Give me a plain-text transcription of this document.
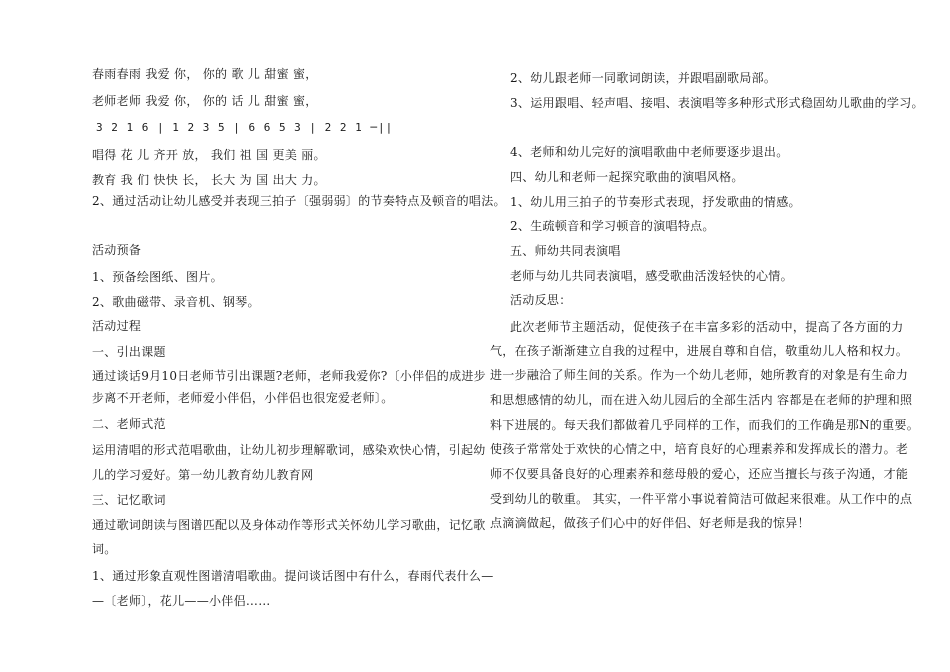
春雨春雨 我爱 你， 你的 歌 儿 甜蜜 蜜，
老师老师 我爱 你， 你的 话 儿 甜蜜 蜜，
3 2 1 6 | 1 2 3 5 | 6 6 5 3 | 2 2 1 ─||
唱得 花 儿 齐开 放， 我们 祖 国 更美 丽。
教育 我 们 快快 长， 长大 为 国 出大 力。
2、通过活动让幼儿感受并表现三拍子〔强弱弱〕的节奏特点及顿音的唱法。
活动预备
1、预备绘图纸、图片。
2、歌曲磁带、录音机、钢琴。
活动过程
一、引出课题
通过谈话9月10日老师节引出课题?老师，老师我爱你?〔小伴侣的成进步
步离不开老师，老师爱小伴侣，小伴侣也很宠爱老师〕。
二、老师式范
运用清唱的形式范唱歌曲，让幼儿初步理解歌词，感染欢快心情，引起幼
儿的学习爱好。第一幼儿教育幼儿教育网
三、记忆歌词
通过歌词朗读与图谱匹配以及身体动作等形式关怀幼儿学习歌曲，记忆歌
词。
1、通过形象直观性图谱清唱歌曲。提问谈话图中有什么，春雨代表什么—
—〔老师〕，花儿——小伴侣……
2、幼儿跟老师一同歌词朗读，并跟唱副歌局部。
3、运用跟唱、轻声唱、接唱、表演唱等多种形式形式稳固幼儿歌曲的学习。
4、老师和幼儿完好的演唱歌曲中老师要逐步退出。
四、幼儿和老师一起探究歌曲的演唱风格。
1、幼儿用三拍子的节奏形式表现，抒发歌曲的情感。
2、生疏顿音和学习顿音的演唱特点。
五、师幼共同表演唱
老师与幼儿共同表演唱，感受歌曲活泼轻快的心情。
活动反思：
此次老师节主题活动，促使孩子在丰富多彩的活动中，提高了各方面的力
气，在孩子渐渐建立自我的过程中，进展自尊和自信，敬重幼儿人格和权力。
进一步融洽了师生间的关系。作为一个幼儿老师，她所教育的对象是有生命力
和思想感情的幼儿，而在进入幼儿园后的全部生活内 容都是在老师的护理和照
料下进展的。每天我们都做着几乎同样的工作，而我们的工作确是那N的重要。
使孩子常常处于欢快的心情之中，培育良好的心理素养和发挥成长的潜力。老
师不仅要具备良好的心理素养和慈母般的爱心，还应当擅长与孩子沟通，才能
受到幼儿的敬重。 其实，一件平常小事说着简洁可做起来很难。从工作中的点
点滴滴做起，做孩子们心中的好伴侣、好老师是我的惊异！
